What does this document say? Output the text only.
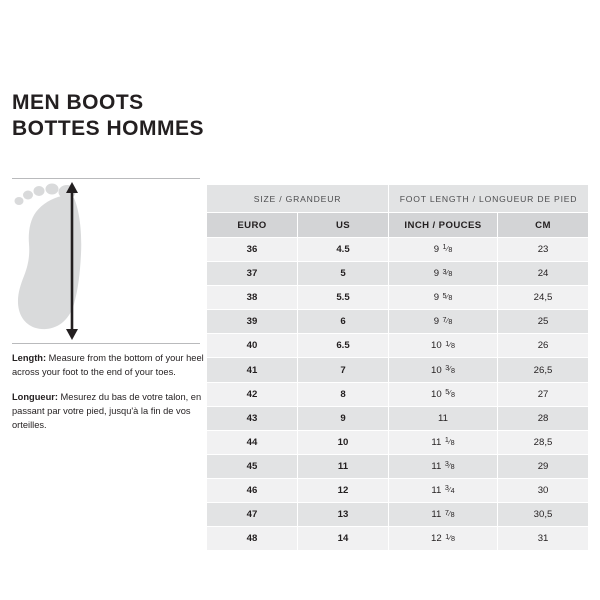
MEN BOOTS
BOTTES HOMMES

Length: Measure from the bottom of your heel across your foot to the end of your toes.

Longueur: Mesurez du bas de votre talon, en passant par votre pied, jusqu'à la fin de vos orteilles.

SIZE / GRANDEUR		FOOT LENGTH / LONGUEUR DE PIED	
EURO	US	INCH / POUCES	CM
36	4.5	9 1⁄8	23
37	5	9 3⁄8	24
38	5.5	9 5⁄8	24,5
39	6	9 7⁄8	25
40	6.5	10 1⁄8	26
41	7	10 3⁄8	26,5
42	8	10 5⁄8	27
43	9	11	28
44	10	11 1⁄8	28,5
45	11	11 3⁄8	29
46	12	11 3⁄4	30
47	13	11 7⁄8	30,5
48	14	12 1⁄8	31
